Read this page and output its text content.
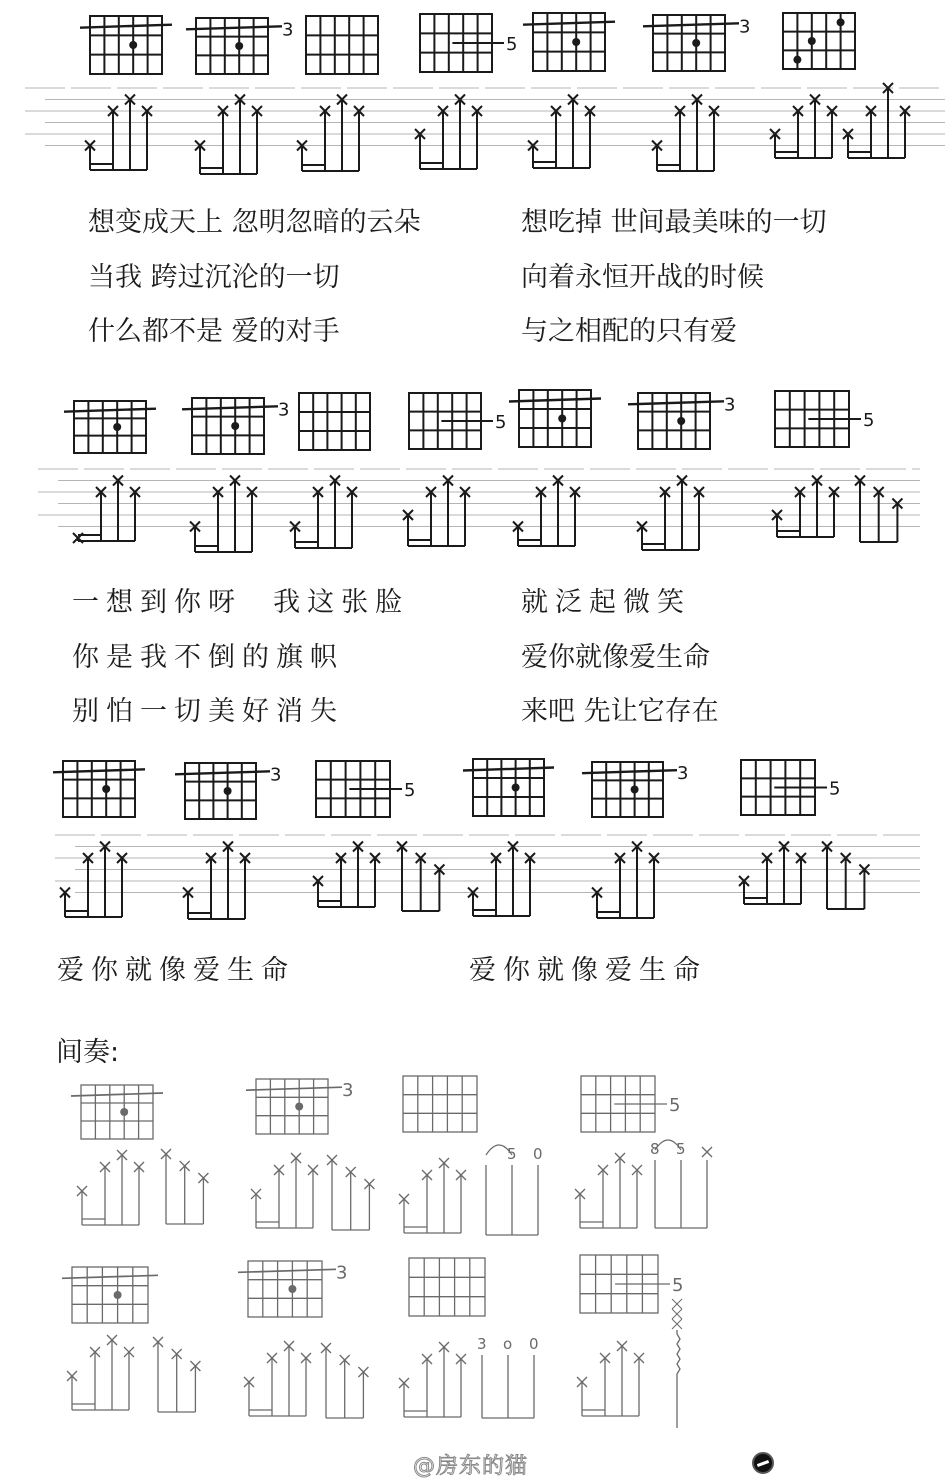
3
5
3
3
5
3
5
3
5
3
5
3
5
5 0	8 5
3
5
3 o 0
想变成天上 忽明忽暗的云朵	想吃掉 世间最美味的一切
当我 跨过沉沦的一切	向着永恒开战的时候
什么都不是 爱的对手	与之相配的只有爱
一想到你呀  我这张脸	就泛起微笑
你是我不倒的旗帜	爱你就像爱生命
别怕一切美好消失	来吧 先让它存在
爱你就像爱生命	爱你就像爱生命
间奏:
@房东的猫
